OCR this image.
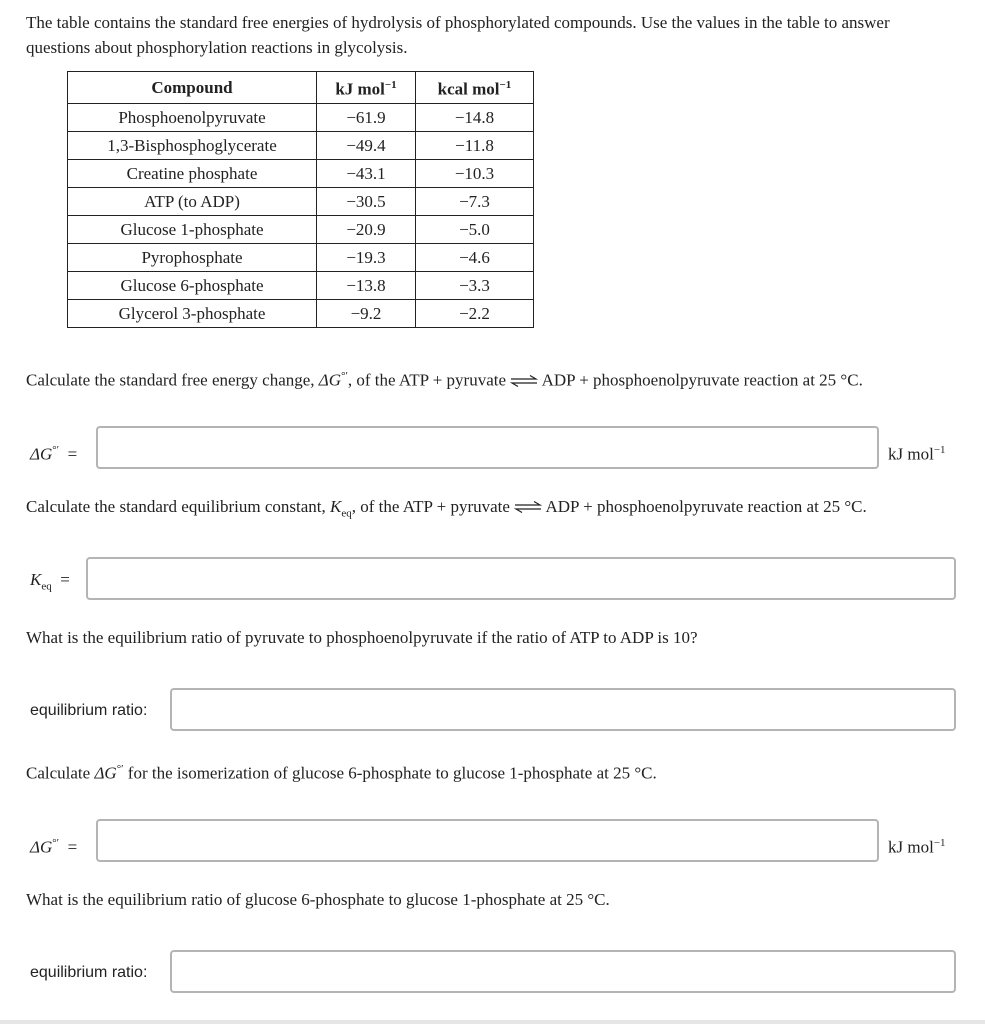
The table contains the standard free energies of hydrolysis of phosphorylated compounds. Use the values in the table to answer questions about phosphorylation reactions in glycolysis.
Compound	kJ mol$^{-1}$	kcal mol$^{-1}$
Phosphoenolpyruvate	−61.9	−14.8
1,3-Bisphosphoglycerate	−49.4	−11.8
Creatine phosphate	−43.1	−10.3
ATP (to ADP)	−30.5	−7.3
Glucose 1-phosphate	−20.9	−5.0
Pyrophosphate	−19.3	−4.6
Glucose 6-phosphate	−13.8	−3.3
Glycerol 3-phosphate	−9.2	−2.2
Calculate the standard free energy change, ΔG°′, of the ATP + pyruvate ⇌ ADP + phosphoenolpyruvate reaction at 25 °C.
ΔG°′ =	kJ mol$^{-1}$
Calculate the standard equilibrium constant, $K_{eq}$, of the ATP + pyruvate ⇌ ADP + phosphoenolpyruvate reaction at 25 °C.
$K_{eq}$ =
What is the equilibrium ratio of pyruvate to phosphoenolpyruvate if the ratio of ATP to ADP is 10?
equilibrium ratio:
Calculate ΔG°′ for the isomerization of glucose 6-phosphate to glucose 1-phosphate at 25 °C.
ΔG°′ =	kJ mol$^{-1}$
What is the equilibrium ratio of glucose 6-phosphate to glucose 1-phosphate at 25 °C.
equilibrium ratio:
